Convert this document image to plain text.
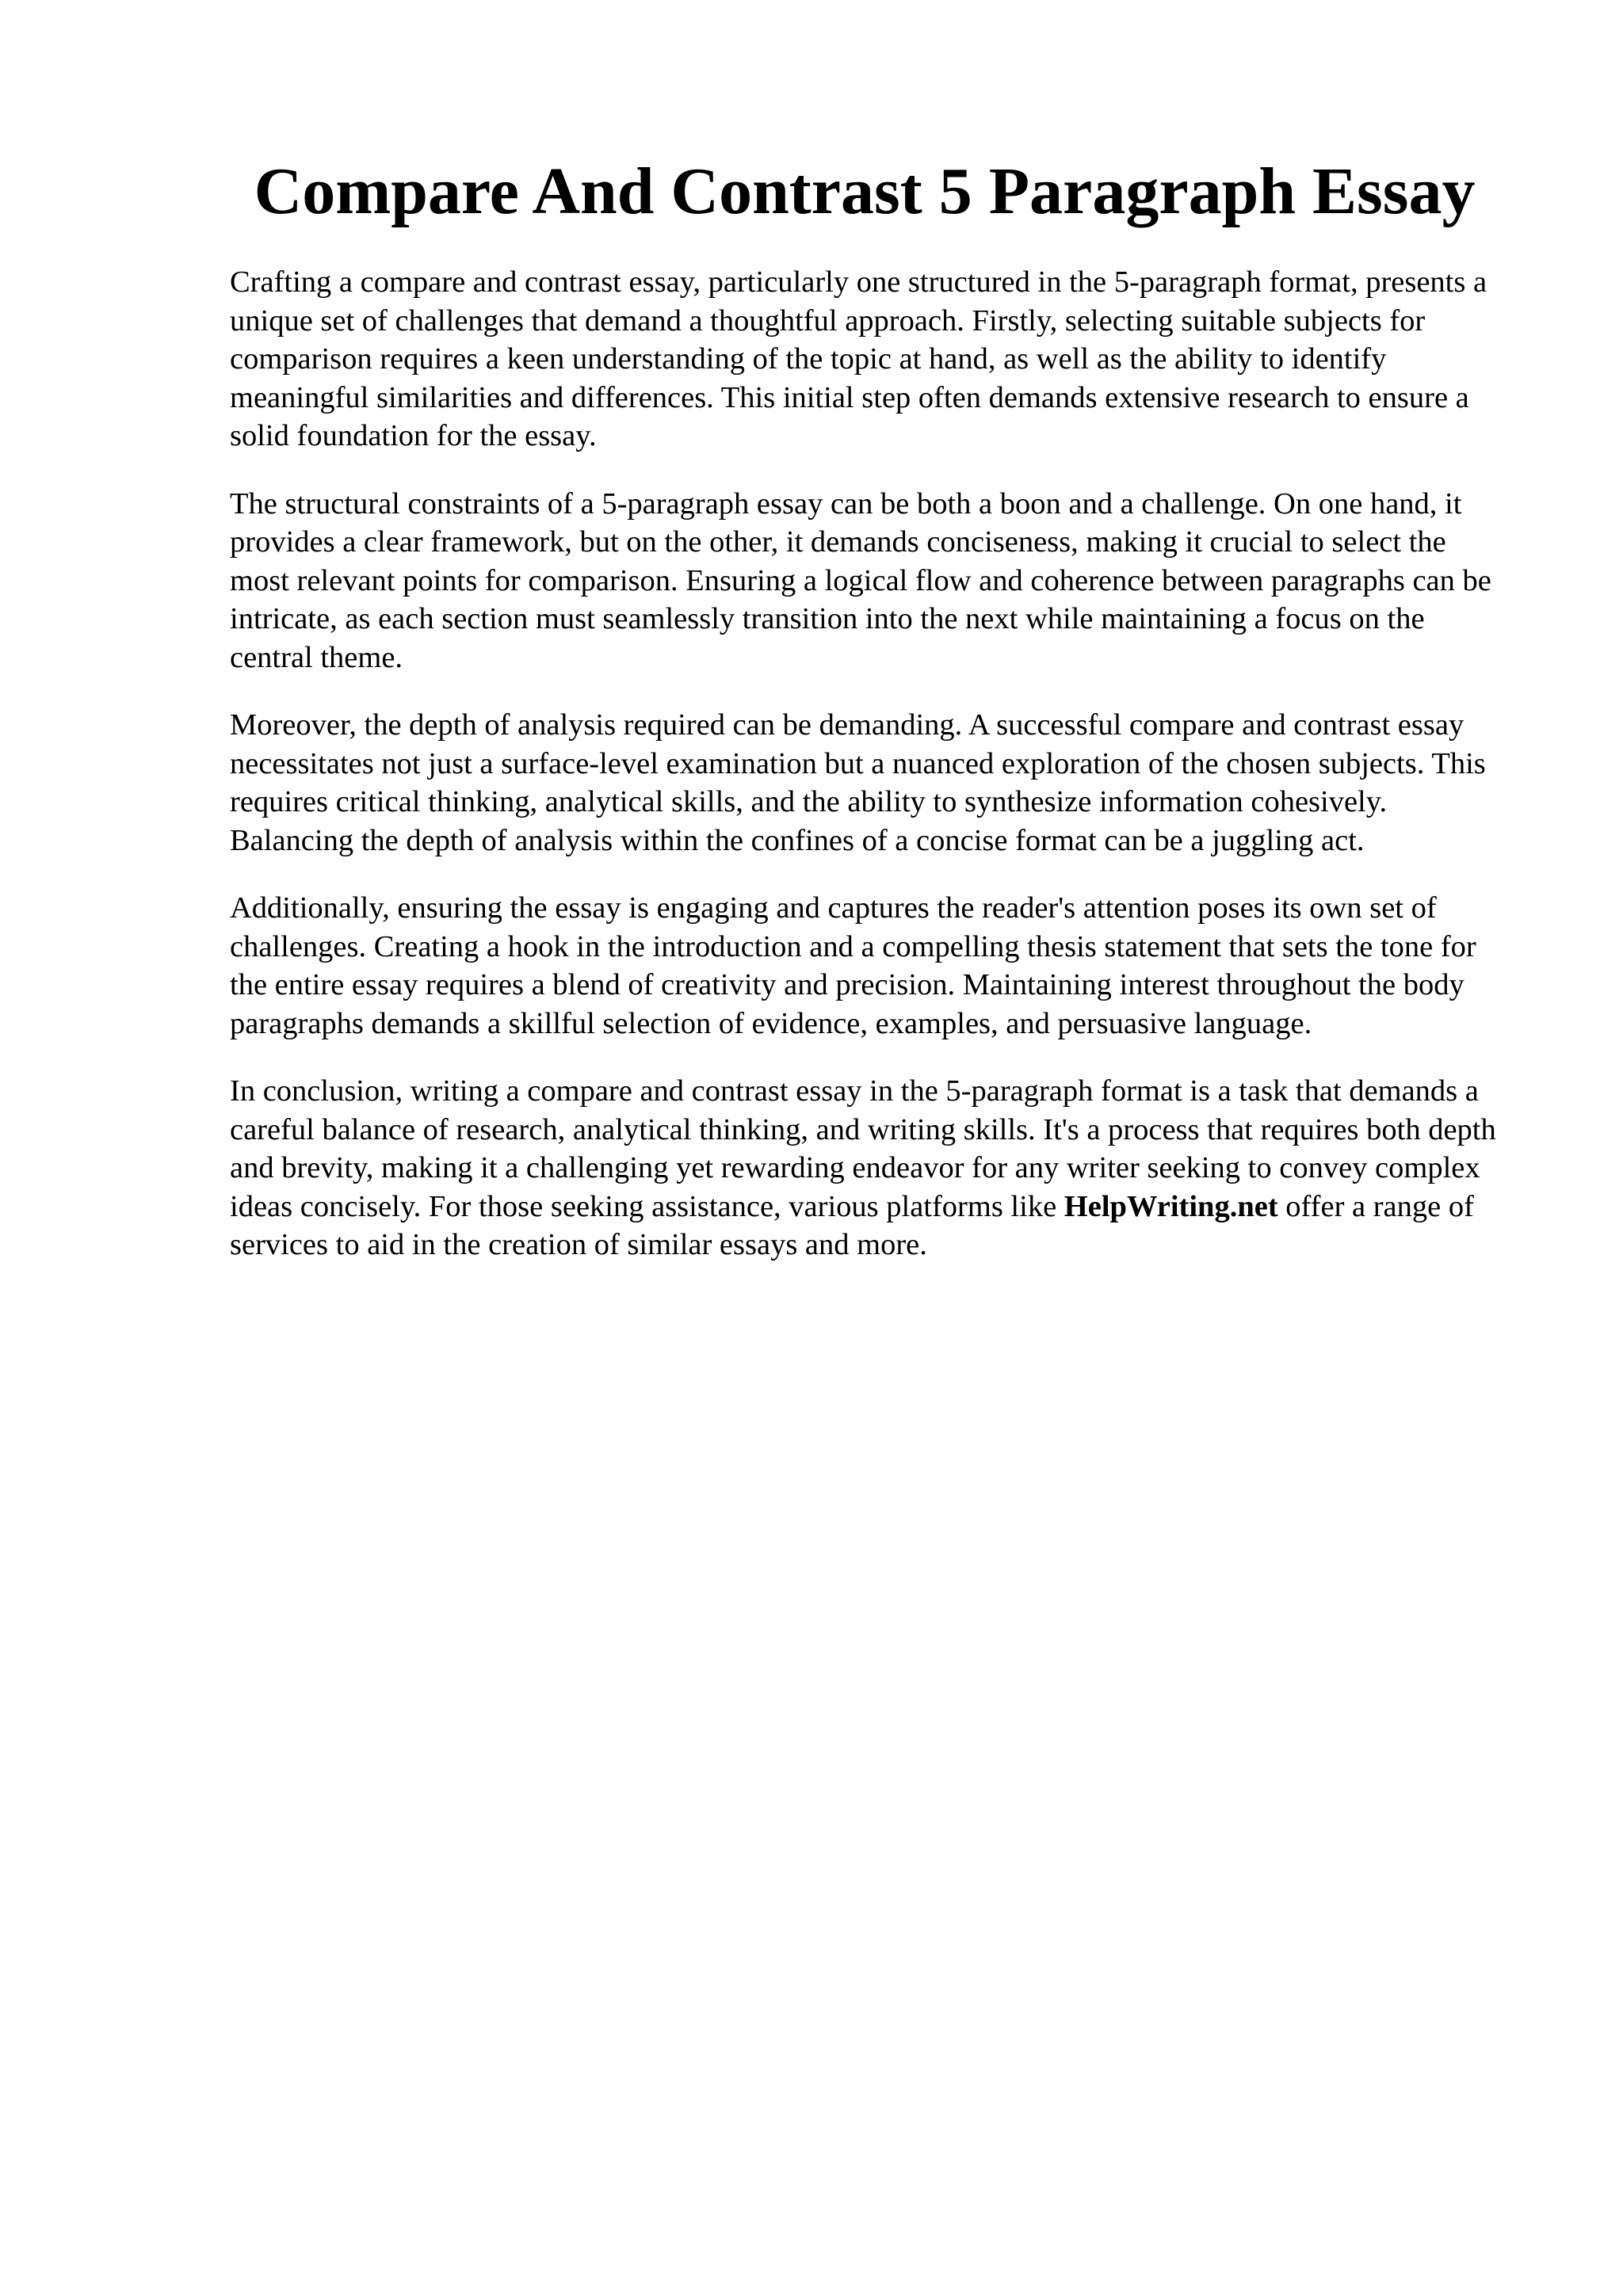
Compare And Contrast 5 Paragraph Essay

Crafting a compare and contrast essay, particularly one structured in the 5-paragraph format, presents a unique set of challenges that demand a thoughtful approach. Firstly, selecting suitable subjects for comparison requires a keen understanding of the topic at hand, as well as the ability to identify meaningful similarities and differences. This initial step often demands extensive research to ensure a solid foundation for the essay.

The structural constraints of a 5-paragraph essay can be both a boon and a challenge. On one hand, it provides a clear framework, but on the other, it demands conciseness, making it crucial to select the most relevant points for comparison. Ensuring a logical flow and coherence between paragraphs can be intricate, as each section must seamlessly transition into the next while maintaining a focus on the central theme.

Moreover, the depth of analysis required can be demanding. A successful compare and contrast essay necessitates not just a surface-level examination but a nuanced exploration of the chosen subjects. This requires critical thinking, analytical skills, and the ability to synthesize information cohesively. Balancing the depth of analysis within the confines of a concise format can be a juggling act.

Additionally, ensuring the essay is engaging and captures the reader's attention poses its own set of challenges. Creating a hook in the introduction and a compelling thesis statement that sets the tone for the entire essay requires a blend of creativity and precision. Maintaining interest throughout the body paragraphs demands a skillful selection of evidence, examples, and persuasive language.

In conclusion, writing a compare and contrast essay in the 5-paragraph format is a task that demands a careful balance of research, analytical thinking, and writing skills. It's a process that requires both depth and brevity, making it a challenging yet rewarding endeavor for any writer seeking to convey complex ideas concisely. For those seeking assistance, various platforms like HelpWriting.net offer a range of services to aid in the creation of similar essays and more.
